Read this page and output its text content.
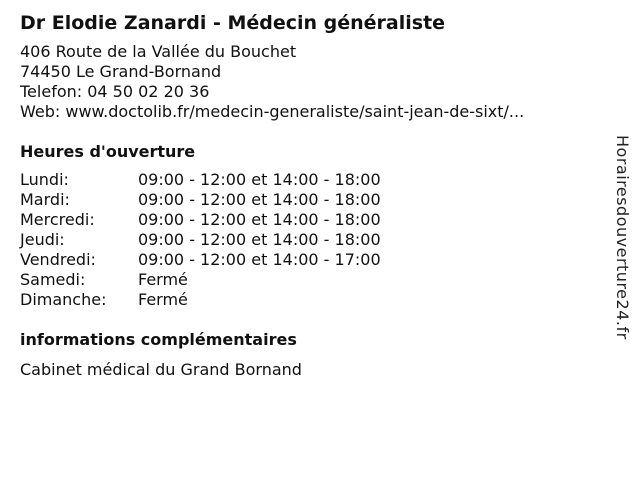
Dr Elodie Zanardi - Médecin généraliste
406 Route de la Vallée du Bouchet
74450 Le Grand-Bornand
Telefon: 04 50 02 20 36
Web: www.doctolib.fr/medecin-generaliste/saint-jean-de-sixt/...
Heures d'ouverture
Lundi:	09:00 - 12:00 et 14:00 - 18:00
Mardi:	09:00 - 12:00 et 14:00 - 18:00
Mercredi:	09:00 - 12:00 et 14:00 - 18:00
Jeudi:	09:00 - 12:00 et 14:00 - 18:00
Vendredi:	09:00 - 12:00 et 14:00 - 17:00
Samedi:	Fermé
Dimanche:	Fermé
informations complémentaires
Cabinet médical du Grand Bornand
Horairesdouverture24.fr
